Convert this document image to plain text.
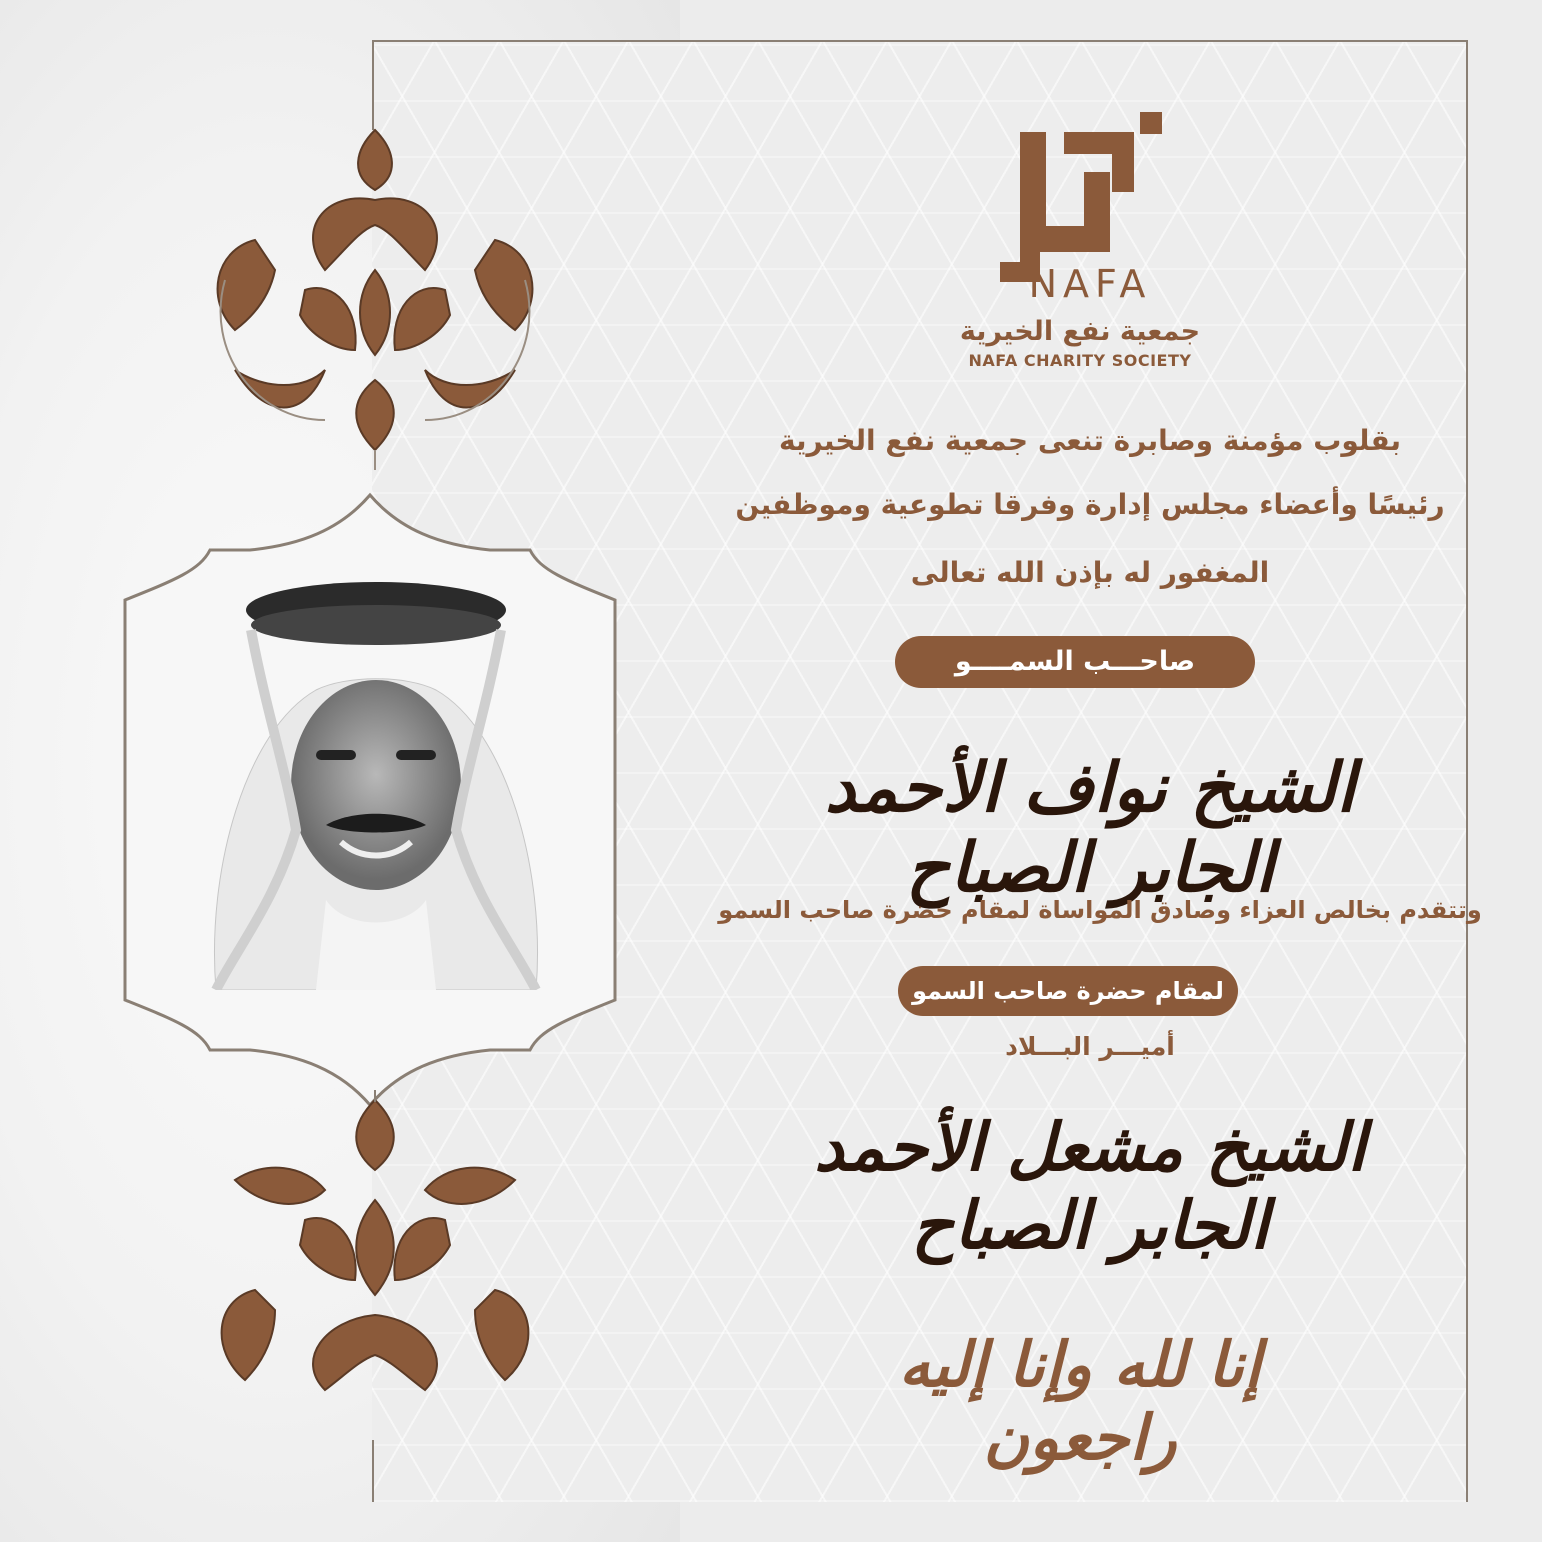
NAFA
جمعية نفع الخيرية
NAFA CHARITY SOCIETY
بقلوب مؤمنة وصابرة تنعى جمعية نفع الخيرية
رئيسًا وأعضاء مجلس إدارة وفرقا تطوعية وموظفين
المغفور له بإذن الله تعالى
صاحـــب السمــــو
الشيخ نواف الأحمد الجابر الصباح
وتتقدم بخالص العزاء وصادق المواساة لمقام حضرة صاحب السمو
لمقام حضرة صاحب السمو
أميـــر البـــلاد
الشيخ مشعل الأحمد الجابر الصباح
إنا لله وإنا إليه راجعون
